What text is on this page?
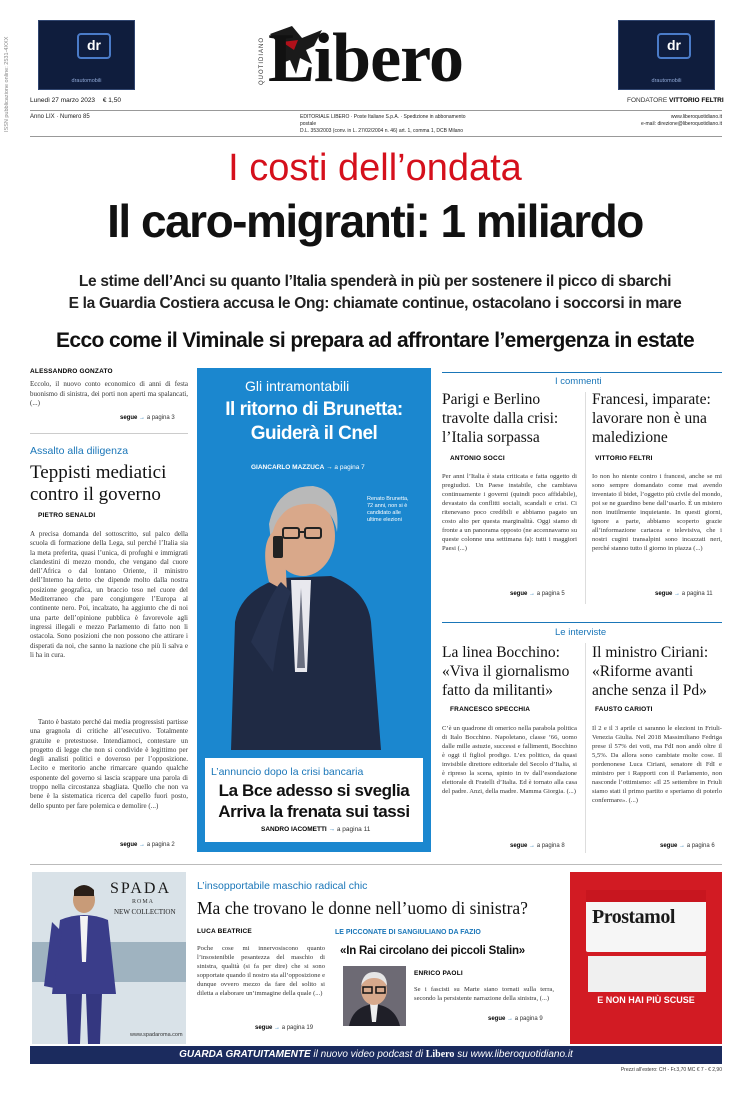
ISSN pubblicazione online: 2531-4XXX	dr
drautomobili
dr
drautomobili
QUOTIDIANO Libero
Lunedì 27 marzo 2023 € 1,50	FONDATORE VITTORIO FELTRI
Anno LIX · Numero 85	EDITORIALE LIBERO · Poste Italiane S.p.A. · Spedizione in abbonamento postale
D.L. 353/2003 (conv. in L. 27/02/2004 n. 46) art. 1, comma 1, DCB Milano
www.liberoquotidiano.it
e-mail: direzione@liberoquotidiano.it
I costi dell’ondata
Il caro-migranti: 1 miliardo
Le stime dell’Anci su quanto l’Italia spenderà in più per sostenere il picco di sbarchi
E la Guardia Costiera accusa le Ong: chiamate continue, ostacolano i soccorsi in mare
Ecco come il Viminale si prepara ad affrontare l’emergenza in estate
ALESSANDRO GONZATO
Eccolo, il nuovo conto economico di anni di festa buonismo di sinistra, dei porti non aperti ma spalancati, (...)
segue → a pagina 3
Assalto alla diligenza
Teppisti mediatici contro il governo
PIETRO SENALDI
A precisa domanda del sottoscritto, sul palco della scuola di formazione della Lega, sul perché l’Italia sia la meta preferita, quasi l’unica, di profughi e immigrati clandestini di mezzo mondo, che vengano dal cuore dell’Africa o dal lontano Oriente, il ministro dell’Interno ha detto che dipende molto dalla nostra posizione geografica, un braccio teso nel cuore del Mediterraneo che pare congiungere l’Europa al continente nero. Poi, incalzato, ha aggiunto che di noi una parte dell’opinione pubblica è favorevole agli ingressi illegali e mezzo Parlamento di fatto non li ostacola. Sono posizioni che non possono che attirare i disperati da noi, che sanno la nazione che più li salva e li ha in cura.
Tanto è bastato perché dai media progressisti partisse una gragnola di critiche all’esecutivo. Totalmente gratuite e pretestuose. Intendiamoci, contestare un progetto di legge che non si condivide è legittimo per degli analisti politici e doveroso per l’opposizione. Lecito e meritorio anche rimarcare quando qualche esponente del governo si lascia scappare una parola di troppo nella circostanza sbagliata. Quello che non va bene è la sistematica ricerca del capello fuori posto, dello spunto per fare polemica e demolire (...)
segue → a pagina 2
Gli intramontabili
Il ritorno di Brunetta: Guiderà il Cnel
GIANCARLO MAZZUCA → a pagina 7
Renato Brunetta, 72 anni, non si è candidato alle ultime elezioni
L’annuncio dopo la crisi bancaria
La Bce adesso si sveglia
Arriva la frenata sui tassi
SANDRO IACOMETTI → a pagina 11
I commenti
Parigi e Berlino travolte dalla crisi: l’Italia sorpassa
ANTONIO SOCCI
Per anni l’Italia è stata criticata e fatta oggetto di pregiudizi. Un Paese instabile, che cambiava continuamente i governi (quindi poco affidabile), devastato da conflitti sociali, scandali e crisi. Ci ritenevano poco credibili e abbiamo pagato un costo alto per questa marginalità. Oggi siamo di fronte a un panorama opposto (ne accennavamo su queste colonne una settimana fa): tutti i maggiori Paesi (...)
segue → a pagina 5
Francesi, imparate: lavorare non è una maledizione
VITTORIO FELTRI
Io non ho niente contro i francesi, anche se mi sono sempre domandato come mai avendo inventato il bidet, l’oggetto più civile del mondo, poi se ne guardino bene dall’usarlo. È un mistero non inutilmente inquietante. In questi giorni, ignore a parte, abbiamo scoperto grazie all’informazione cartacea e televisiva, che i nostri cugini transalpini sono incazzati neri, perché stanno tutto il giorno in piazza (...)
segue → a pagina 11
Le interviste
La linea Bocchino: «Viva il giornalismo fatto da militanti»
FRANCESCO SPECCHIA
C’è un quadrone di omerico nella parabola politica di Italo Bocchino. Napoletano, classe ’66, uomo dalle mille astuzie, successi e fallimenti, Bocchino è oggi il figliol prodigo. L’ex politico, da quasi invisibile direttore editoriale del Secolo d’Italia, si è ripreso la scena, spinto in tv dall’esondazione elettorale di Fratelli d’Italia. Ed è tornato alla casa del padre. Anzi, della madre. Mamma Giorgia. (...)
segue → a pagina 8
Il ministro Ciriani: «Riforme avanti anche senza il Pd»
FAUSTO CARIOTI
Il 2 e il 3 aprile ci saranno le elezioni in Friuli-Venezia Giulia. Nel 2018 Massimiliano Fedriga prese il 57% dei voti, ma FdI non andò oltre il 5,5%. Da allora sono cambiate molte cose. Il pordenonese Luca Ciriani, senatore di FdI e ministro per i Rapporti con il Parlamento, non nasconde l’ottimismo: «Il 25 settembre in Friuli siamo stati il primo partito e speriamo di poterlo confermare». (...)
segue → a pagina 6
SPADA
ROMA
NEW COLLECTION
www.spadaroma.com
L’insopportabile maschio radical chic
Ma che trovano le donne nell’uomo di sinistra?
LUCA BEATRICE
Poche cose mi innervosiscono quanto l’insostenibile pesantezza del maschio di sinistra, qualità (si fa per dire) che si sono sopportate quando il nostro sta all’opposizione e dunque ovvero mezzo da fare del solito si diletta a elaborare un’immagine della quale (...)
segue → a pagina 19
LE PICCONATE DI SANGIULIANO DA FAZIO
«In Rai circolano dei piccoli Stalin»
ENRICO PAOLI
Se i fascisti su Marte siano tornati sulla terra, secondo la persistente narrazione della sinistra, (...)
segue → a pagina 9
Prostamol
E NON HAI PIÙ SCUSE
GUARDA GRATUITAMENTE il nuovo video podcast di Libero su www.liberoquotidiano.it
Prezzi all’estero: CH - Fr.3,70 MC € 7 - € 2,90
